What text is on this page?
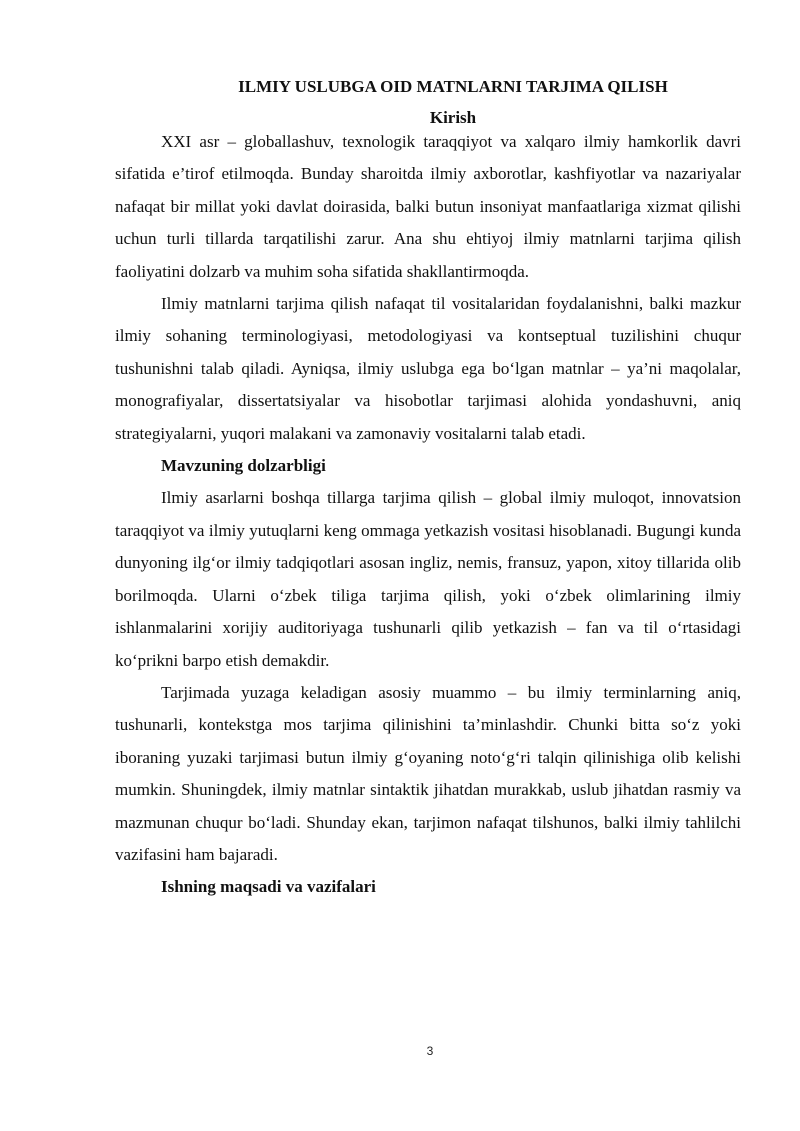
ILMIY USLUBGA OID MATNLARNI TARJIMA QILISH
Kirish

XXI asr – globallashuv, texnologik taraqqiyot va xalqaro ilmiy hamkorlik davri sifatida e’tirof etilmoqda. Bunday sharoitda ilmiy axborotlar, kashfiyotlar va nazariyalar nafaqat bir millat yoki davlat doirasida, balki butun insoniyat manfaatlariga xizmat qilishi uchun turli tillarda tarqatilishi zarur. Ana shu ehtiyoj ilmiy matnlarni tarjima qilish faoliyatini dolzarb va muhim soha sifatida shakllantirmoqda.

Ilmiy matnlarni tarjima qilish nafaqat til vositalaridan foydalanishni, balki mazkur ilmiy sohaning terminologiyasi, metodologiyasi va kontseptual tuzilishini chuqur tushunishni talab qiladi. Ayniqsa, ilmiy uslubga ega bo‘lgan matnlar – ya’ni maqolalar, monografiyalar, dissertatsiyalar va hisobotlar tarjimasi alohida yondashuvni, aniq strategiyalarni, yuqori malakani va zamonaviy vositalarni talab etadi.

Mavzuning dolzarbligi

Ilmiy asarlarni boshqa tillarga tarjima qilish – global ilmiy muloqot, innovatsion taraqqiyot va ilmiy yutuqlarni keng ommaga yetkazish vositasi hisoblanadi. Bugungi kunda dunyoning ilg‘or ilmiy tadqiqotlari asosan ingliz, nemis, fransuz, yapon, xitoy tillarida olib borilmoqda. Ularni o‘zbek tiliga tarjima qilish, yoki o‘zbek olimlarining ilmiy ishlanmalarini xorijiy auditoriyaga tushunarli qilib yetkazish – fan va til o‘rtasidagi ko‘prikni barpo etish demakdir.

Tarjimada yuzaga keladigan asosiy muammo – bu ilmiy terminlarning aniq, tushunarli, kontekstga mos tarjima qilinishini ta’minlashdir. Chunki bitta so‘z yoki iboraning yuzaki tarjimasi butun ilmiy g‘oyaning noto‘g‘ri talqin qilinishiga olib kelishi mumkin. Shuningdek, ilmiy matnlar sintaktik jihatdan murakkab, uslub jihatdan rasmiy va mazmunan chuqur bo‘ladi. Shunday ekan, tarjimon nafaqat tilshunos, balki ilmiy tahlilchi vazifasini ham bajaradi.

Ishning maqsadi va vazifalari

3
